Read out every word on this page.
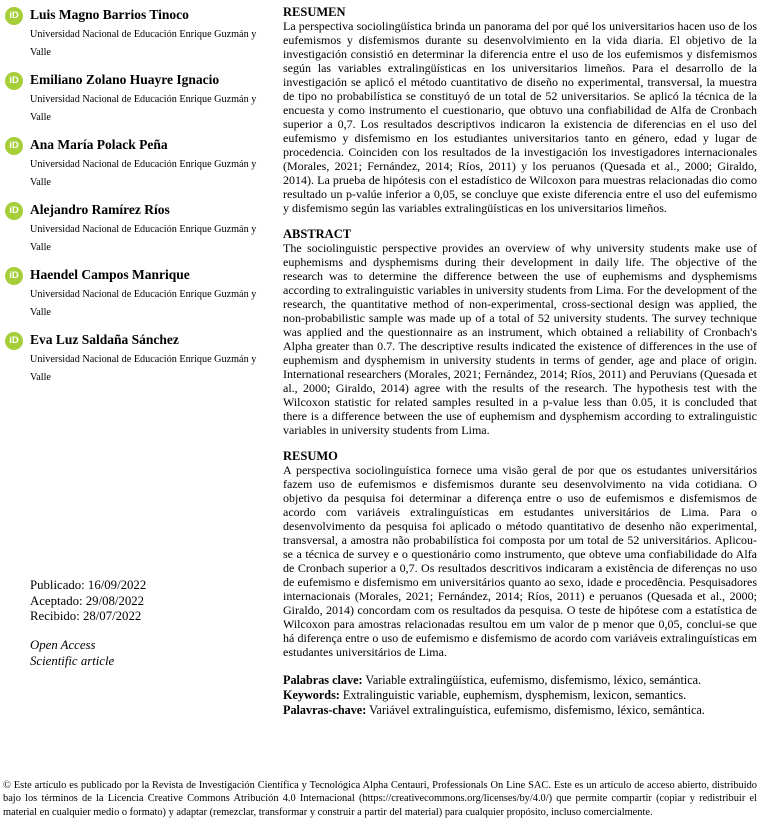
iD Luis Magno Barrios Tinoco
Universidad Nacional de Educación Enrique Guzmán y Valle
iD Emiliano Zolano Huayre Ignacio
Universidad Nacional de Educación Enrique Guzmán y Valle
iD Ana María Polack Peña
Universidad Nacional de Educación Enrique Guzmán y Valle
iD Alejandro Ramírez Ríos
Universidad Nacional de Educación Enrique Guzmán y Valle
iD Haendel Campos Manrique
Universidad Nacional de Educación Enrique Guzmán y Valle
iD Eva Luz Saldaña Sánchez
Universidad Nacional de Educación Enrique Guzmán y Valle
Publicado: 16/09/2022
Aceptado: 29/08/2022
Recibido: 28/07/2022
Open Access
Scientific article
RESUMEN
La perspectiva sociolingüística brinda un panorama del por qué los universitarios hacen uso de los eufemismos y disfemismos durante su desenvolvimiento en la vida diaria. El objetivo de la investigación consistió en determinar la diferencia entre el uso de los eufemismos y disfemismos según las variables extralingüísticas en los universitarios limeños. Para el desarrollo de la investigación se aplicó el método cuantitativo de diseño no experimental, transversal, la muestra de tipo no probabilística se constituyó de un total de 52 universitarios. Se aplicó la técnica de la encuesta y como instrumento el cuestionario, que obtuvo una confiabilidad de Alfa de Cronbach superior a 0,7. Los resultados descriptivos indicaron la existencia de diferencias en el uso del eufemismo y disfemismo en los estudiantes universitarios tanto en género, edad y lugar de procedencia. Coinciden con los resultados de la investigación los investigadores internacionales (Morales, 2021; Fernández, 2014; Ríos, 2011) y los peruanos (Quesada et al., 2000; Giraldo, 2014). La prueba de hipótesis con el estadístico de Wilcoxon para muestras relacionadas dio como resultado un p-valúe inferior a 0,05, se concluye que existe diferencia entre el uso del eufemismo y disfemismo según las variables extralingüísticas en los universitarios limeños.
ABSTRACT
The sociolinguistic perspective provides an overview of why university students make use of euphemisms and dysphemisms during their development in daily life. The objective of the research was to determine the difference between the use of euphemisms and dysphemisms according to extralinguistic variables in university students from Lima. For the development of the research, the quantitative method of non-experimental, cross-sectional design was applied, the non-probabilistic sample was made up of a total of 52 university students. The survey technique was applied and the questionnaire as an instrument, which obtained a reliability of Cronbach's Alpha greater than 0.7. The descriptive results indicated the existence of differences in the use of euphemism and dysphemism in university students in terms of gender, age and place of origin. International researchers (Morales, 2021; Fernández, 2014; Ríos, 2011) and Peruvians (Quesada et al., 2000; Giraldo, 2014) agree with the results of the research. The hypothesis test with the Wilcoxon statistic for related samples resulted in a p-value less than 0.05, it is concluded that there is a difference between the use of euphemism and dysphemism according to extralinguistic variables in university students from Lima.
RESUMO
A perspectiva sociolinguística fornece uma visão geral de por que os estudantes universitários fazem uso de eufemismos e disfemismos durante seu desenvolvimento na vida cotidiana. O objetivo da pesquisa foi determinar a diferença entre o uso de eufemismos e disfemismos de acordo com variáveis extralinguísticas em estudantes universitários de Lima. Para o desenvolvimento da pesquisa foi aplicado o método quantitativo de desenho não experimental, transversal, a amostra não probabilística foi composta por um total de 52 universitários. Aplicou-se a técnica de survey e o questionário como instrumento, que obteve uma confiabilidade do Alfa de Cronbach superior a 0,7. Os resultados descritivos indicaram a existência de diferenças no uso de eufemismo e disfemismo em universitários quanto ao sexo, idade e procedência. Pesquisadores internacionais (Morales, 2021; Fernández, 2014; Ríos, 2011) e peruanos (Quesada et al., 2000; Giraldo, 2014) concordam com os resultados da pesquisa. O teste de hipótese com a estatística de Wilcoxon para amostras relacionadas resultou em um valor de p menor que 0,05, conclui-se que há diferença entre o uso de eufemismo e disfemismo de acordo com variáveis extralinguísticas em estudantes universitários de Lima.
Palabras clave: Variable extralingüística, eufemismo, disfemismo, léxico, semántica.
Keywords: Extralinguistic variable, euphemism, dysphemism, lexicon, semantics.
Palavras-chave: Variável extralinguística, eufemismo, disfemismo, léxico, semântica.
© Este artículo es publicado por la Revista de Investigación Científica y Tecnológica Alpha Centauri, Professionals On Line SAC. Este es un artículo de acceso abierto, distribuido bajo los términos de la Licencia Creative Commons Atribución 4.0 Internacional (https://creativecommons.org/licenses/by/4.0/) que permite compartir (copiar y redistribuir el material en cualquier medio o formato) y adaptar (remezclar, transformar y construir a partir del material) para cualquier propósito, incluso comercialmente.
